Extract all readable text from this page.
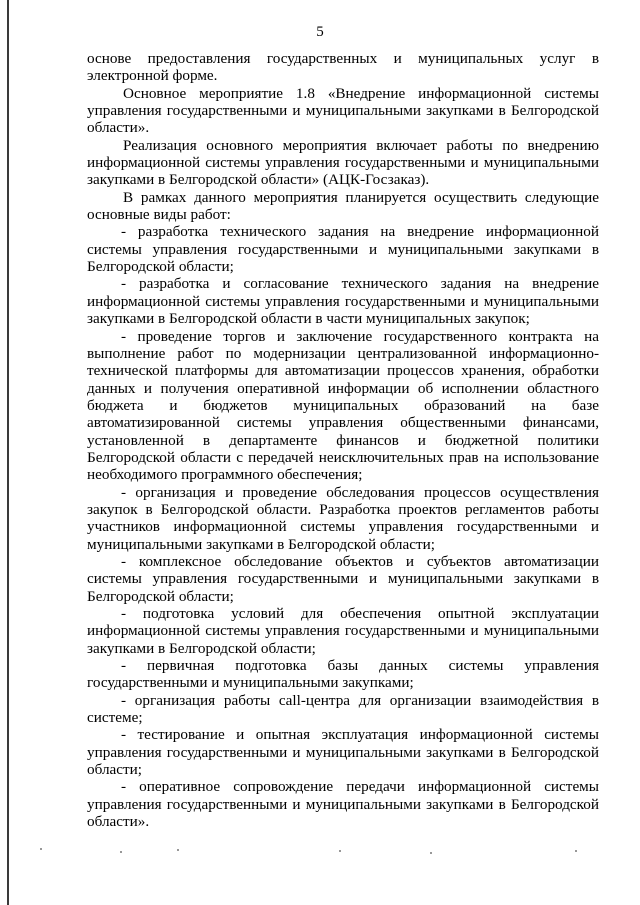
5

основе предоставления государственных и муниципальных услуг в электронной форме.

Основное мероприятие 1.8 «Внедрение информационной системы управления государственными и муниципальными закупками в Белгородской области».

Реализация основного мероприятия включает работы по внедрению информационной системы управления государственными и муниципальными закупками в Белгородской области» (АЦК-Госзаказ).

В рамках данного мероприятия планируется осуществить следующие основные виды работ:

- разработка технического задания на внедрение информационной системы управления государственными и муниципальными закупками в Белгородской области;

- разработка и согласование технического задания на внедрение информационной системы управления государственными и муниципальными закупками в Белгородской области в части муниципальных закупок;

- проведение торгов и заключение государственного контракта на выполнение работ по модернизации централизованной информационно-технической платформы для автоматизации процессов хранения, обработки данных и получения оперативной информации об исполнении областного бюджета и бюджетов муниципальных образований на базе автоматизированной системы управления общественными финансами, установленной в департаменте финансов и бюджетной политики Белгородской области с передачей неисключительных прав на использование необходимого программного обеспечения;

- организация и проведение обследования процессов осуществления закупок в Белгородской области. Разработка проектов регламентов работы участников информационной системы управления государственными и муниципальными закупками в Белгородской области;

- комплексное обследование объектов и субъектов автоматизации системы управления государственными и муниципальными закупками в Белгородской области;

- подготовка условий для обеспечения опытной эксплуатации информационной системы управления государственными и муниципальными закупками в Белгородской области;

- первичная подготовка базы данных системы управления государственными и муниципальными закупками;

- организация работы call-центра для организации взаимодействия в системе;

- тестирование и опытная эксплуатация информационной системы управления государственными и муниципальными закупками в Белгородской области;

- оперативное сопровождение передачи информационной системы управления государственными и муниципальными закупками в Белгородской области».
